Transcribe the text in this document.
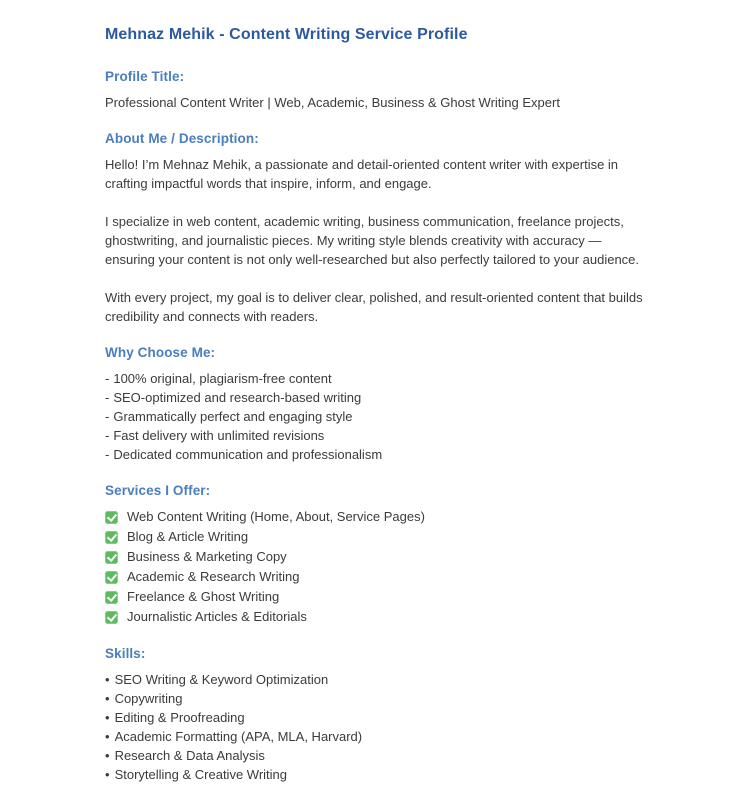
Mehnaz Mehik - Content Writing Service Profile
Profile Title:

Professional Content Writer | Web, Academic, Business & Ghost Writing Expert

About Me / Description:

Hello! I’m Mehnaz Mehik, a passionate and detail-oriented content writer with expertise in crafting impactful words that inspire, inform, and engage.

I specialize in web content, academic writing, business communication, freelance projects, ghostwriting, and journalistic pieces. My writing style blends creativity with accuracy — ensuring your content is not only well-researched but also perfectly tailored to your audience.

With every project, my goal is to deliver clear, polished, and result-oriented content that builds credibility and connects with readers.

Why Choose Me:
- 100% original, plagiarism-free content
- SEO-optimized and research-based writing
- Grammatically perfect and engaging style
- Fast delivery with unlimited revisions
- Dedicated communication and professionalism
Services I Offer:
Web Content Writing (Home, About, Service Pages)
Blog & Article Writing
Business & Marketing Copy
Academic & Research Writing
Freelance & Ghost Writing
Journalistic Articles & Editorials
Skills:
• SEO Writing & Keyword Optimization
• Copywriting
• Editing & Proofreading
• Academic Formatting (APA, MLA, Harvard)
• Research & Data Analysis
• Storytelling & Creative Writing
